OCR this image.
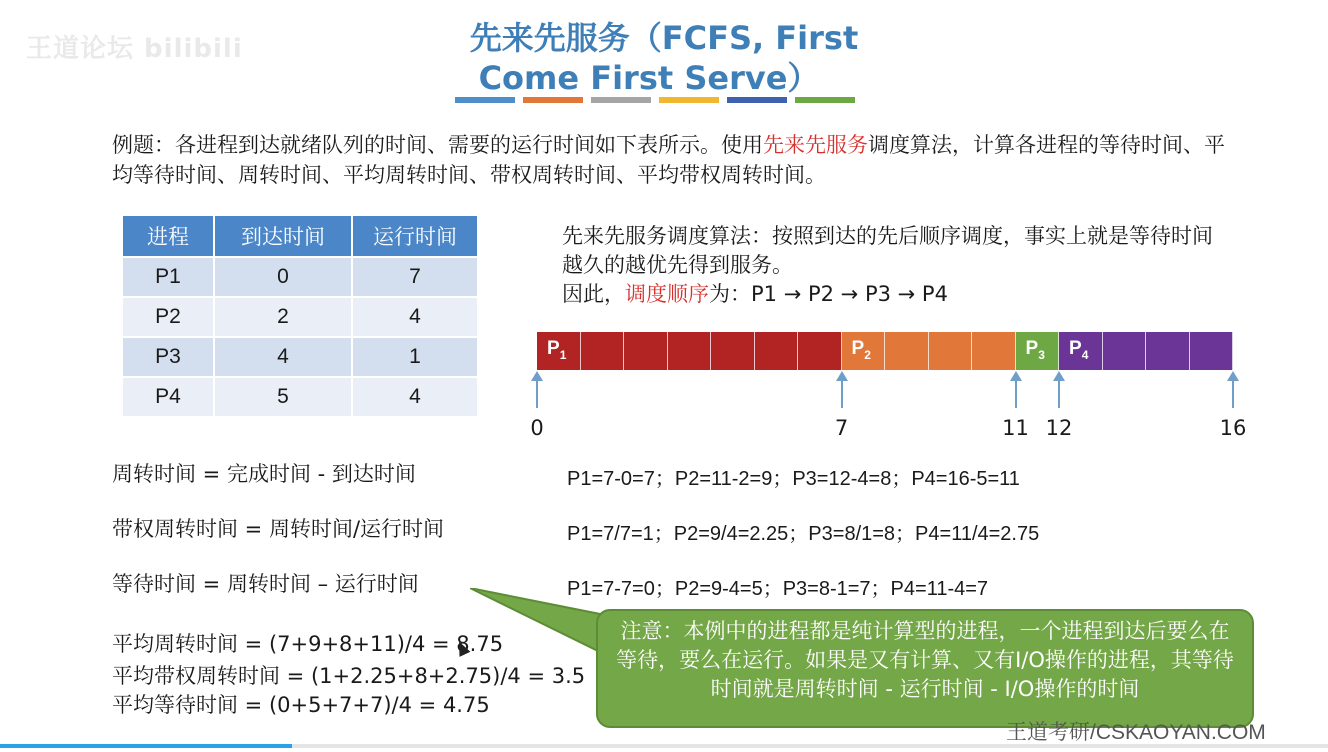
王道论坛 bilibili	先来先服务（FCFS, First
Come First Serve）
例题：各进程到达就绪队列的时间、需要的运行时间如下表所示。使用先来先服务调度算法，计算各进程的等待时间、平均等待时间、周转时间、平均周转时间、带权周转时间、平均带权周转时间。
进程	到达时间	运行时间
P1	0	7
P2	2	4
P3	4	1
P4	5	4
先来先服务调度算法：按照到达的先后顺序调度，事实上就是等待时间越久的越优先得到服务。
因此，调度顺序为：P1 → P2 → P3 → P4
$P_1$	$P_2$	$P_3$ $P_4$
0	7	11 12	16
周转时间 = 完成时间 - 到达时间
带权周转时间 = 周转时间/运行时间
等待时间 = 周转时间 – 运行时间
P1=7-0=7；P2=11-2=9；P3=12-4=8；P4=16-5=11
P1=7/7=1；P2=9/4=2.25；P3=8/1=8；P4=11/4=2.75
P1=7-7=0；P2=9-4=5；P3=8-1=7；P4=11-4=7
平均周转时间 = (7+9+8+11)/4 = 8.75
平均带权周转时间 = (1+2.25+8+2.75)/4 = 3.5
平均等待时间 = (0+5+7+7)/4 = 4.75
注意：本例中的进程都是纯计算型的进程，一个进程到达后要么在等待，要么在运行。如果是又有计算、又有I/O操作的进程，其等待时间就是周转时间 - 运行时间 - I/O操作的时间
王道考研/CSKAOYAN.COM
